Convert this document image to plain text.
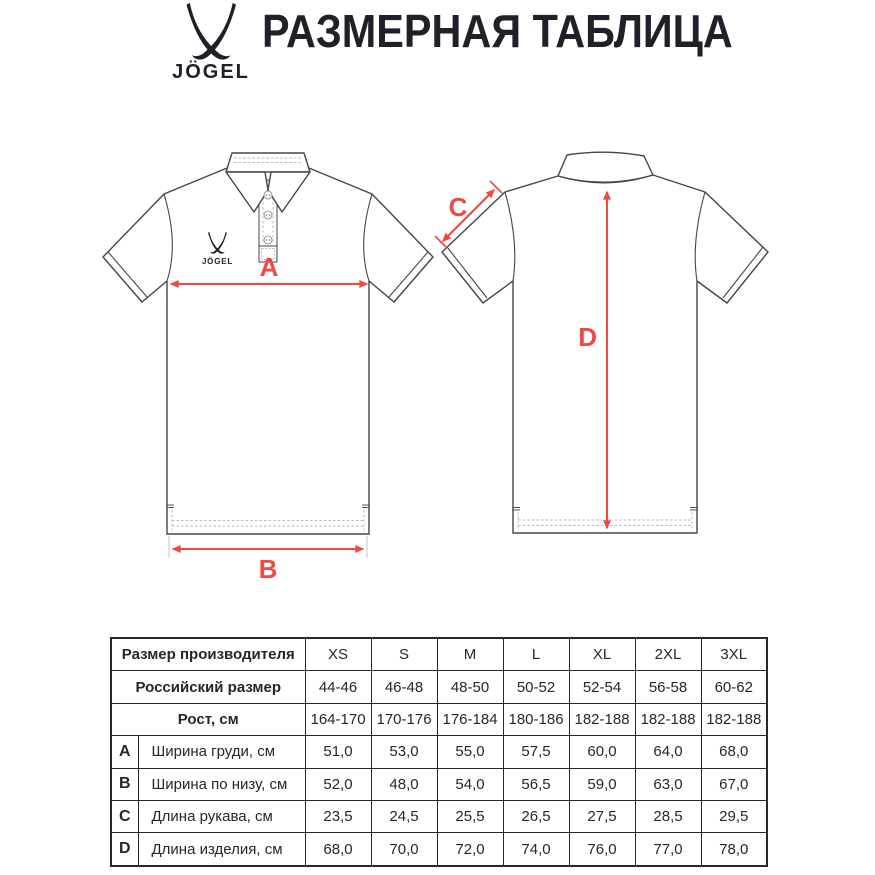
JÖGEL
РАЗМЕРНАЯ ТАБЛИЦА
JÖGEL A
B
C
D
Размер производителя		XS	S	M	L	XL	2XL	3XL
Российский размер		44-46	46-48	48-50	50-52	52-54	56-58	60-62
Рост, см		164-170	170-176	176-184	180-186	182-188	182-188	182-188
A	Ширина груди, см	51,0	53,0	55,0	57,5	60,0	64,0	68,0
B	Ширина по низу, см	52,0	48,0	54,0	56,5	59,0	63,0	67,0
C	Длина рукава, см	23,5	24,5	25,5	26,5	27,5	28,5	29,5
D	Длина изделия, см	68,0	70,0	72,0	74,0	76,0	77,0	78,0
